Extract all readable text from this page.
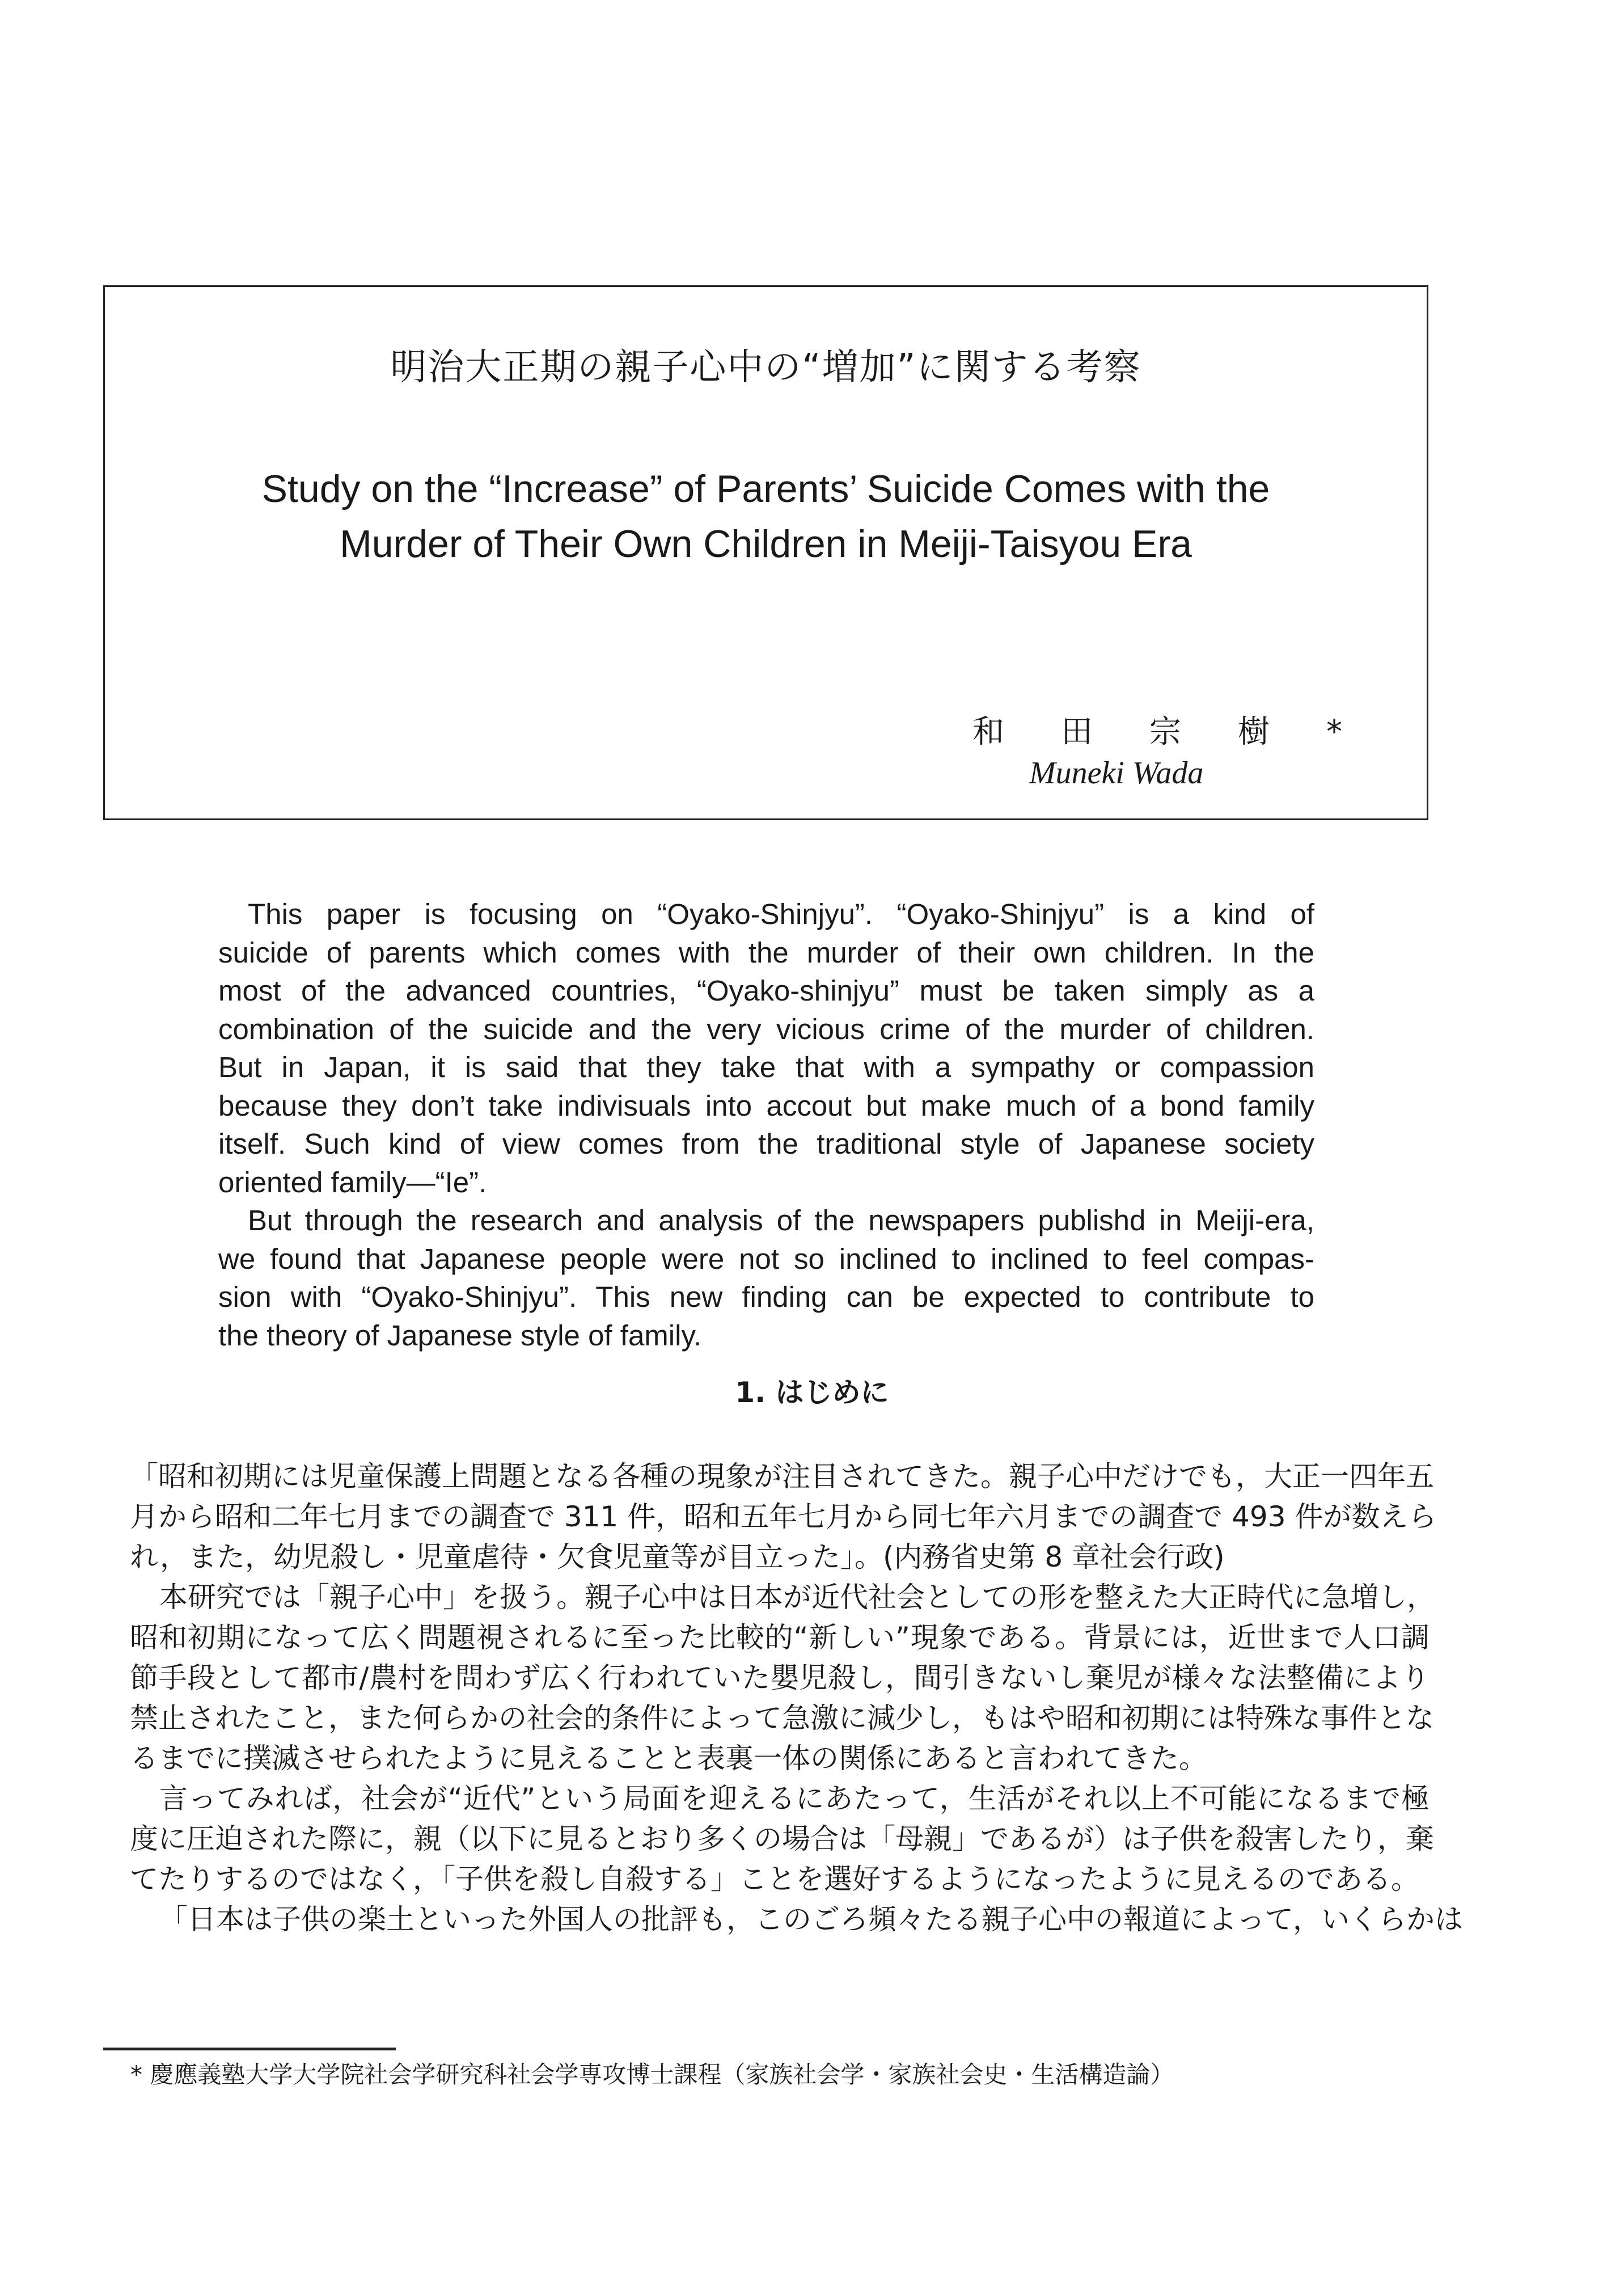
明治大正期の親子心中の“増加”に関する考察
Study on the “Increase” of Parents’ Suicide Comes with the
Murder of Their Own Children in Meiji-Taisyou Era
和田宗樹*
Muneki Wada
This paper is focusing on “Oyako-Shinjyu”. “Oyako-Shinjyu” is a kind of
suicide of parents which comes with the murder of their own children. In the
most of the advanced countries, “Oyako-shinjyu” must be taken simply as a
combination of the suicide and the very vicious crime of the murder of children.
But in Japan, it is said that they take that with a sympathy or compassion
because they don’t take indivisuals into accout but make much of a bond family
itself. Such kind of view comes from the traditional style of Japanese society
oriented family—“Ie”.
But through the research and analysis of the newspapers publishd in Meiji-era,
we found that Japanese people were not so inclined to inclined to feel compas-
sion with “Oyako-Shinjyu”. This new finding can be expected to contribute to
the theory of Japanese style of family.
1. はじめに
「昭和初期には児童保護上問題となる各種の現象が注目されてきた。親子心中だけでも，大正一四年五
月から昭和二年七月までの調査で 311 件，昭和五年七月から同七年六月までの調査で 493 件が数えら
れ，また，幼児殺し・児童虐待・欠食児童等が目立った」。(内務省史第 8 章社会行政)
本研究では「親子心中」を扱う。親子心中は日本が近代社会としての形を整えた大正時代に急増し，
昭和初期になって広く問題視されるに至った比較的“新しい”現象である。背景には，近世まで人口調
節手段として都市/農村を問わず広く行われていた嬰児殺し，間引きないし棄児が様々な法整備により
禁止されたこと，また何らかの社会的条件によって急激に減少し，もはや昭和初期には特殊な事件とな
るまでに撲滅させられたように見えることと表裏一体の関係にあると言われてきた。
言ってみれば，社会が“近代”という局面を迎えるにあたって，生活がそれ以上不可能になるまで極
度に圧迫された際に，親（以下に見るとおり多くの場合は「母親」であるが）は子供を殺害したり，棄
てたりするのではなく，「子供を殺し自殺する」ことを選好するようになったように見えるのである。
「日本は子供の楽土といった外国人の批評も，このごろ頻々たる親子心中の報道によって，いくらかは
* 慶應義塾大学大学院社会学研究科社会学専攻博士課程（家族社会学・家族社会史・生活構造論）
